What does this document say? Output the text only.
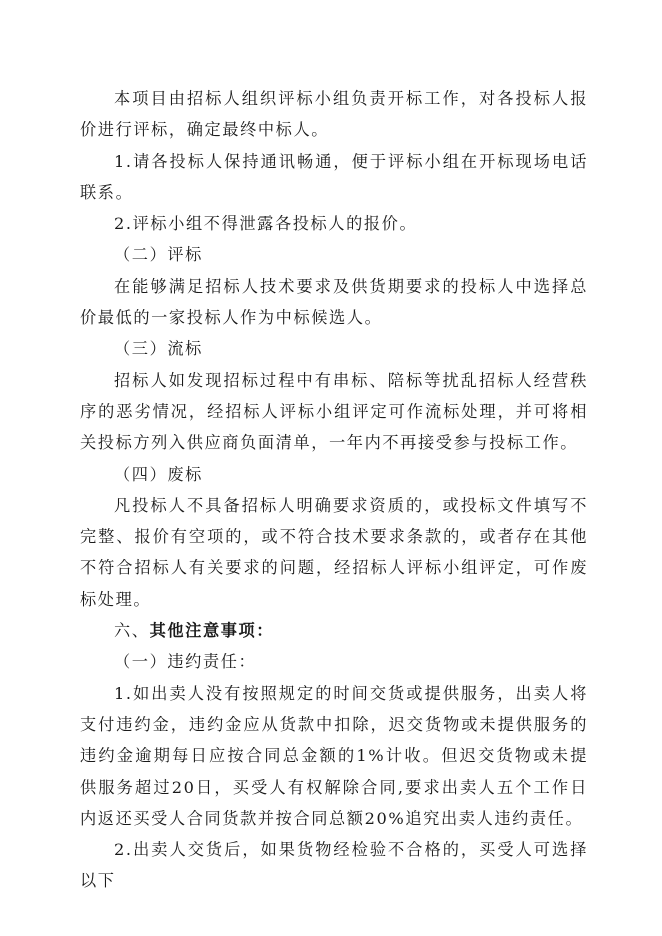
本项目由招标人组织评标小组负责开标工作，对各投标人报价进行评标，确定最终中标人。

1.请各投标人保持通讯畅通，便于评标小组在开标现场电话联系。

2.评标小组不得泄露各投标人的报价。

（二）评标

在能够满足招标人技术要求及供货期要求的投标人中选择总价最低的一家投标人作为中标候选人。

（三）流标

招标人如发现招标过程中有串标、陪标等扰乱招标人经营秩序的恶劣情况，经招标人评标小组评定可作流标处理，并可将相关投标方列入供应商负面清单，一年内不再接受参与投标工作。

（四）废标

凡投标人不具备招标人明确要求资质的，或投标文件填写不完整、报价有空项的，或不符合技术要求条款的，或者存在其他不符合招标人有关要求的问题，经招标人评标小组评定，可作废标处理。

六、其他注意事项：

（一）违约责任：

1.如出卖人没有按照规定的时间交货或提供服务，出卖人将支付违约金，违约金应从货款中扣除，迟交货物或未提供服务的违约金逾期每日应按合同总金额的1%计收。但迟交货物或未提供服务超过20日，买受人有权解除合同,要求出卖人五个工作日内返还买受人合同货款并按合同总额20%追究出卖人违约责任。

2.出卖人交货后，如果货物经检验不合格的，买受人可选择以下
